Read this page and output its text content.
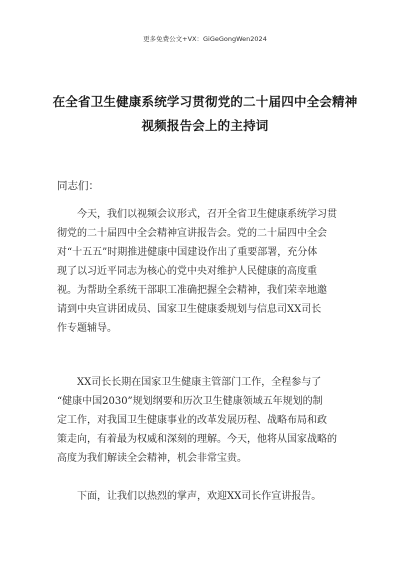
更多免费公文+VX：GiGeGongWen2024
在全省卫生健康系统学习贯彻党的二十届四中全会精神
视频报告会上的主持词
同志们：
今天，我们以视频会议形式，召开全省卫生健康系统学习贯
彻党的二十届四中全会精神宣讲报告会。党的二十届四中全会
对“十五五”时期推进健康中国建设作出了重要部署，充分体
现了以习近平同志为核心的党中央对维护人民健康的高度重
视。为帮助全系统干部职工准确把握全会精神，我们荣幸地邀
请到中央宣讲团成员、国家卫生健康委规划与信息司XX司长
作专题辅导。
XX司长长期在国家卫生健康主管部门工作，全程参与了
“健康中国2030”规划纲要和历次卫生健康领域五年规划的制
定工作，对我国卫生健康事业的改革发展历程、战略布局和政
策走向，有着最为权威和深刻的理解。今天，他将从国家战略的
高度为我们解读全会精神，机会非常宝贵。
下面，让我们以热烈的掌声，欢迎XX司长作宣讲报告。
